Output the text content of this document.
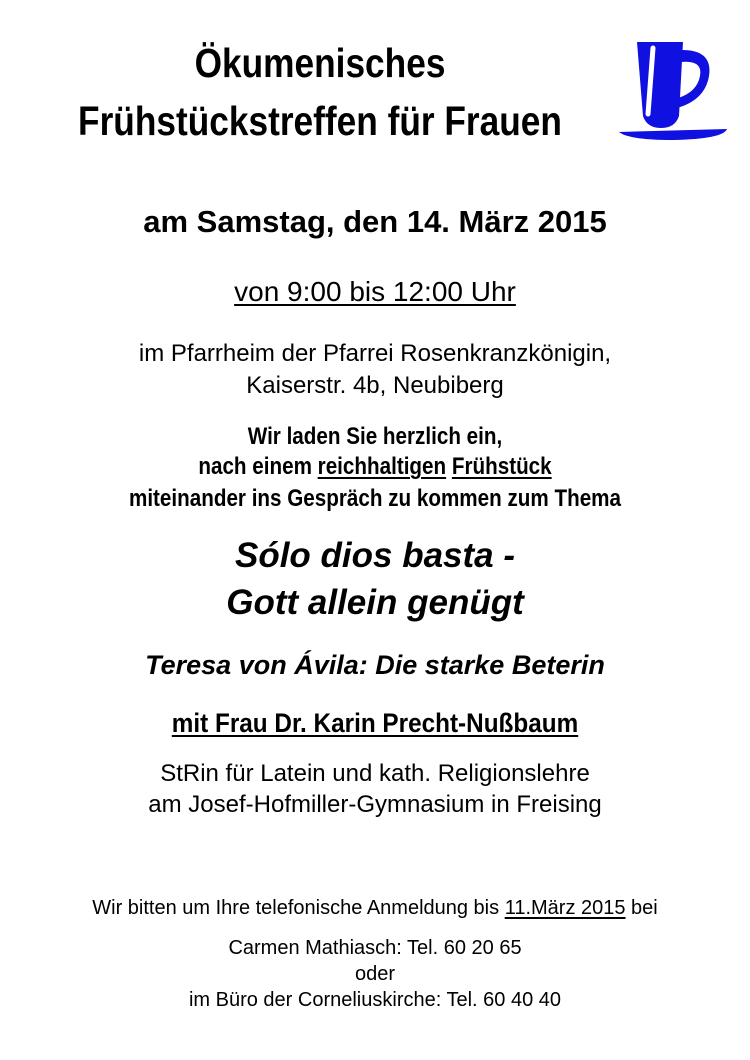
Ökumenisches
Frühstückstreffen für Frauen
am Samstag, den 14. März 2015
von 9:00 bis 12:00 Uhr
im Pfarrheim der Pfarrei Rosenkranzkönigin,
Kaiserstr. 4b, Neubiberg
Wir laden Sie herzlich ein,
nach einem reichhaltigen Frühstück
miteinander ins Gespräch zu kommen zum Thema
Sólo dios basta -
Gott allein genügt
Teresa von Ávila: Die starke Beterin
mit Frau Dr. Karin Precht-Nußbaum
StRin für Latein und kath. Religionslehre
am Josef-Hofmiller-Gymnasium in Freising
Wir bitten um Ihre telefonische Anmeldung bis 11.März 2015 bei
Carmen Mathiasch: Tel. 60 20 65
oder
im Büro der Corneliuskirche: Tel. 60 40 40
